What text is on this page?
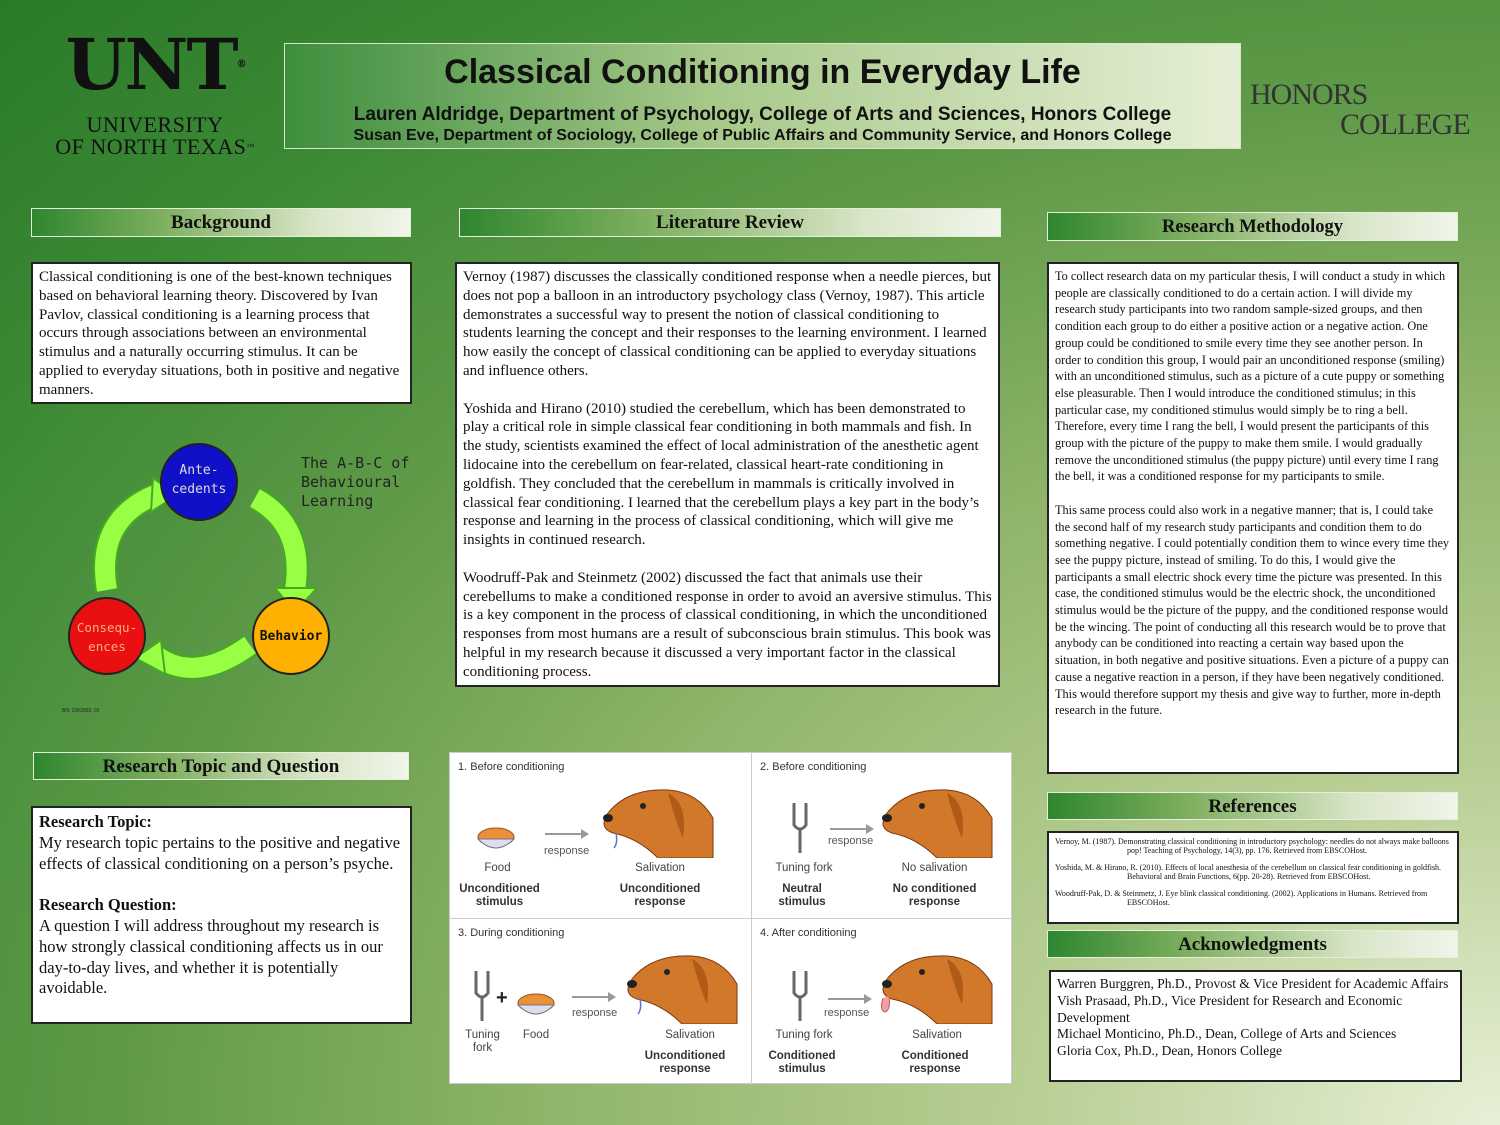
UNT®
UNIVERSITY
OF NORTH TEXAS™
HONORS
COLLEGE
Classical Conditioning in Everyday Life
Lauren Aldridge, Department of Psychology, College of Arts and Sciences, Honors College
Susan Eve, Department of Sociology, College of Public Affairs and Community Service, and Honors College
Background

Classical conditioning is one of the best-known techniques based on behavioral learning theory. Discovered by Ivan Pavlov, classical conditioning is a learning process that occurs through associations between an environmental stimulus and a naturally occurring stimulus. It can be applied to everyday situations, both in positive and negative manners.

Ante-
cedents
Behavior
Consequ-
ences
The A-B-C of
Behavioural
Learning
BN. 2/9/2003. 01
Research Topic and Question
Research Topic:
My research topic pertains to the positive and negative effects of classical conditioning on a person’s psyche.
Research Question:
A question I will address throughout my research is how strongly classical conditioning affects us in our day-to-day lives, and whether it is potentially avoidable.
Literature Review

Vernoy (1987) discusses the classically conditioned response when a needle pierces, but does not pop a balloon in an introductory psychology class (Vernoy, 1987). This article demonstrates a successful way to present the notion of classical conditioning to students learning the concept and their responses to the learning environment. I learned how easily the concept of classical conditioning can be applied to everyday situations and influence others.

Yoshida and Hirano (2010) studied the cerebellum, which has been demonstrated to play a critical role in simple classical fear conditioning in both mammals and fish. In the study, scientists examined the effect of local administration of the anesthetic agent lidocaine into the cerebellum on fear-related, classical heart-rate conditioning in goldfish. They concluded that the cerebellum in mammals is critically involved in classical fear conditioning. I learned that the cerebellum plays a key part in the body’s response and learning in the process of classical conditioning, which will give me insights in continued research.

Woodruff-Pak and Steinmetz (2002) discussed the fact that animals use their cerebellums to make a conditioned response in order to avoid an aversive stimulus. This is a key component in the process of classical conditioning, in which the unconditioned responses from most humans are a result of subconscious brain stimulus. This book was helpful in my research because it discussed a very important factor in the classical conditioning process.

1. Before conditioning
response
Food	Salivation
Unconditioned
stimulus
Unconditioned
response
2. Before conditioning
response
Tuning fork	No salivation
Neutral
stimulus
No conditioned
response
3. During conditioning
+
response
Tuning
fork
Food	Salivation
Unconditioned
response
4. After conditioning
response
Tuning fork	Salivation
Conditioned
stimulus
Conditioned
response
Research Methodology

To collect research data on my particular thesis, I will conduct a study in which people are classically conditioned to do a certain action. I will divide my research study participants into two random sample-sized groups, and then condition each group to do either a positive action or a negative action. One group could be conditioned to smile every time they see another person. In order to condition this group, I would pair an unconditioned response (smiling) with an unconditioned stimulus, such as a picture of a cute puppy or something else pleasurable. Then I would introduce the conditioned stimulus; in this particular case, my conditioned stimulus would simply be to ring a bell. Therefore, every time I rang the bell, I would present the participants of this group with the picture of the puppy to make them smile. I would gradually remove the unconditioned stimulus (the puppy picture) until every time I rang the bell, it was a conditioned response for my participants to smile.

This same process could also work in a negative manner; that is, I could take the second half of my research study participants and condition them to do something negative. I could potentially condition them to wince every time they see the puppy picture, instead of smiling. To do this, I would give the participants a small electric shock every time the picture was presented. In this case, the conditioned stimulus would be the electric shock, the unconditioned stimulus would be the picture of the puppy, and the conditioned response would be the wincing. The point of conducting all this research would be to prove that anybody can be conditioned into reacting a certain way based upon the situation, in both negative and positive situations. Even a picture of a puppy can cause a negative reaction in a person, if they have been negatively conditioned. This would therefore support my thesis and give way to further, more in-depth research in the future.

References
Vernoy, M. (1987). Demonstrating classical conditioning in introductory psychology: needles do not always make balloons pop! Teaching of Psychology, 14(3), pp. 176. Retrieved from EBSCOHost.
Yoshida, M. & Hirano, R. (2010). Effects of local anesthesia of the cerebellum on classical fear conditioning in goldfish. Behavioral and Brain Functions, 6(pp. 20-28). Retrieved from EBSCOHost.
Woodruff-Pak, D. & Steinmetz, J. Eye blink classical conditioning. (2002). Applications in Humans. Retrieved from EBSCOHost.
Acknowledgments
Warren Burggren, Ph.D., Provost & Vice President for Academic Affairs
Vish Prasaad, Ph.D., Vice President for Research and Economic Development
Michael Monticino, Ph.D., Dean, College of Arts and Sciences
Gloria Cox, Ph.D., Dean, Honors College
